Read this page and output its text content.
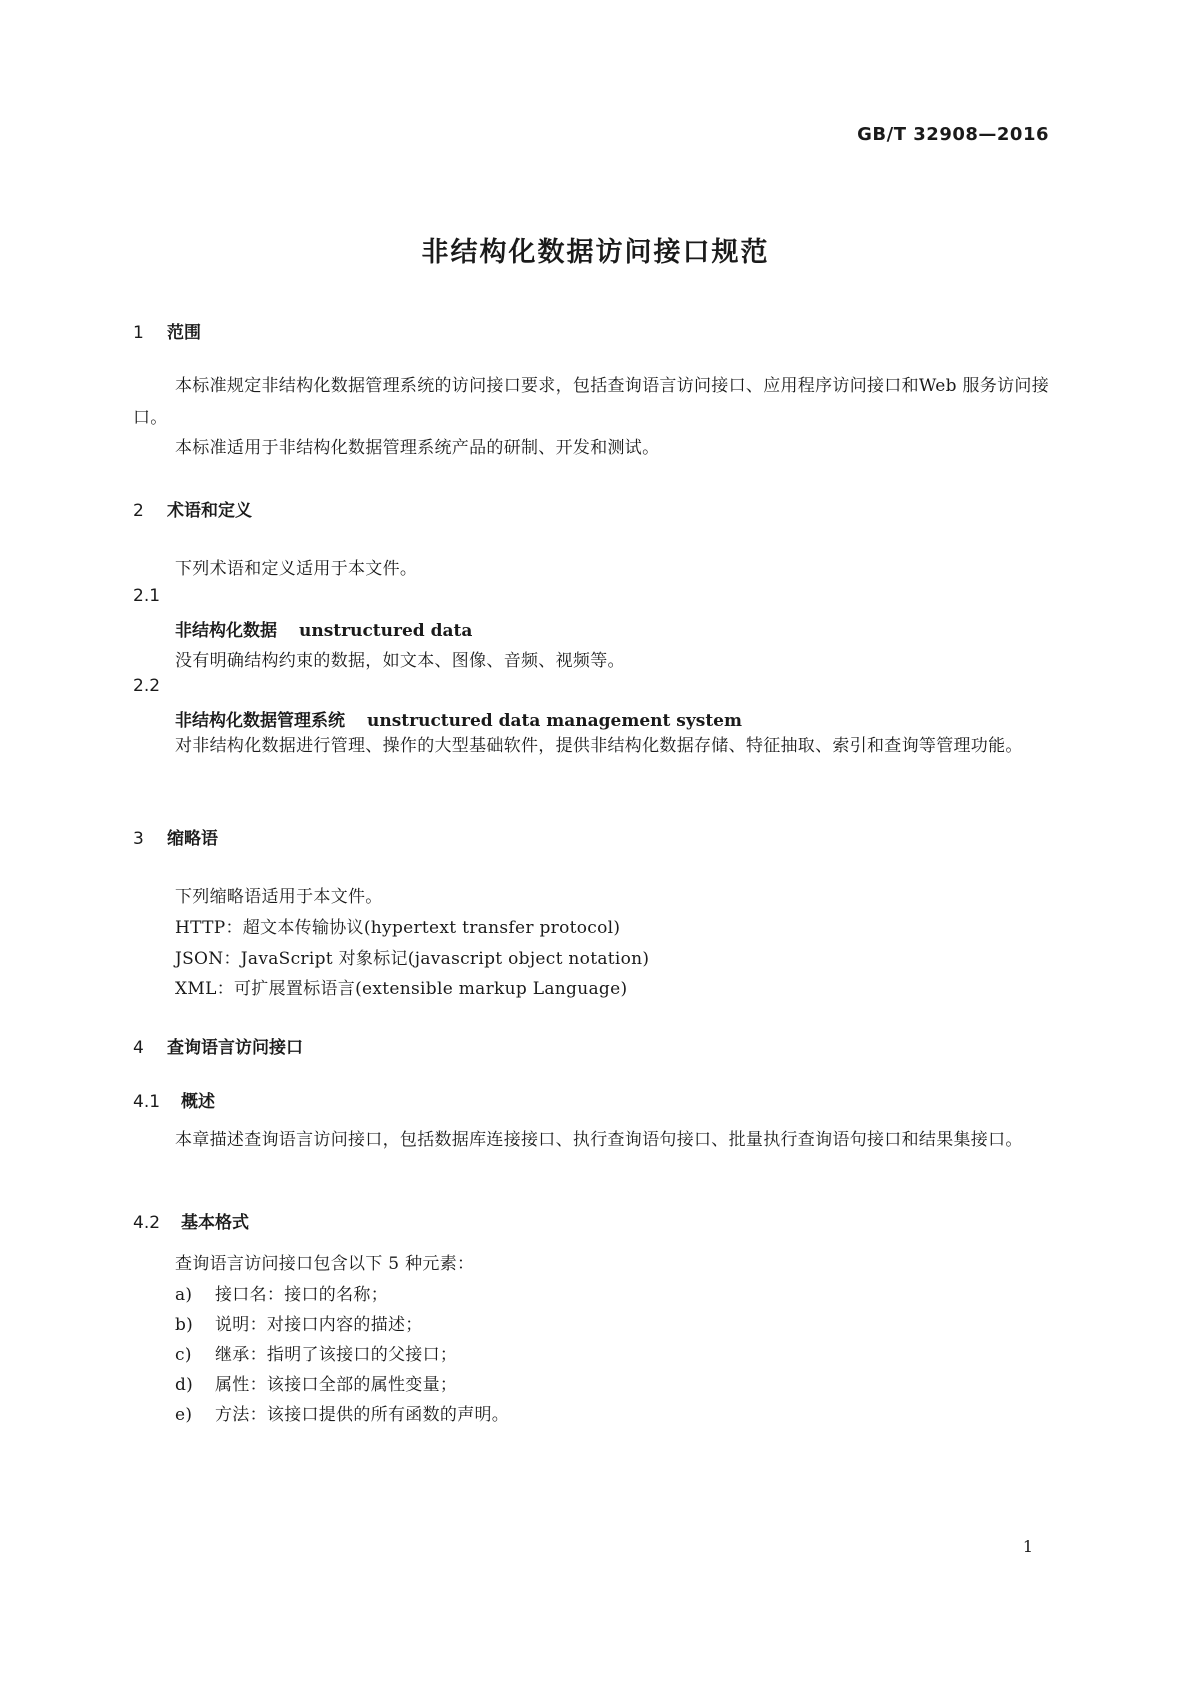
GB/T 32908—2016
非结构化数据访问接口规范
1 范围
本标准规定非结构化数据管理系统的访问接口要求，包括查询语言访问接口、应用程序访问接口和Web 服务访问接口。
本标准适用于非结构化数据管理系统产品的研制、开发和测试。
2 术语和定义
下列术语和定义适用于本文件。
2.1
非结构化数据 unstructured data
没有明确结构约束的数据，如文本、图像、音频、视频等。
2.2
非结构化数据管理系统 unstructured data management system
对非结构化数据进行管理、操作的大型基础软件，提供非结构化数据存储、特征抽取、索引和查询等管理功能。
3 缩略语
下列缩略语适用于本文件。
HTTP：超文本传输协议(hypertext transfer protocol)
JSON：JavaScript 对象标记(javascript object notation)
XML：可扩展置标语言(extensible markup Language)
4 查询语言访问接口
4.1 概述
本章描述查询语言访问接口，包括数据库连接接口、执行查询语句接口、批量执行查询语句接口和结果集接口。
4.2 基本格式
查询语言访问接口包含以下 5 种元素：
a) 接口名：接口的名称；
b) 说明：对接口内容的描述；
c) 继承：指明了该接口的父接口；
d) 属性：该接口全部的属性变量；
e) 方法：该接口提供的所有函数的声明。
1
